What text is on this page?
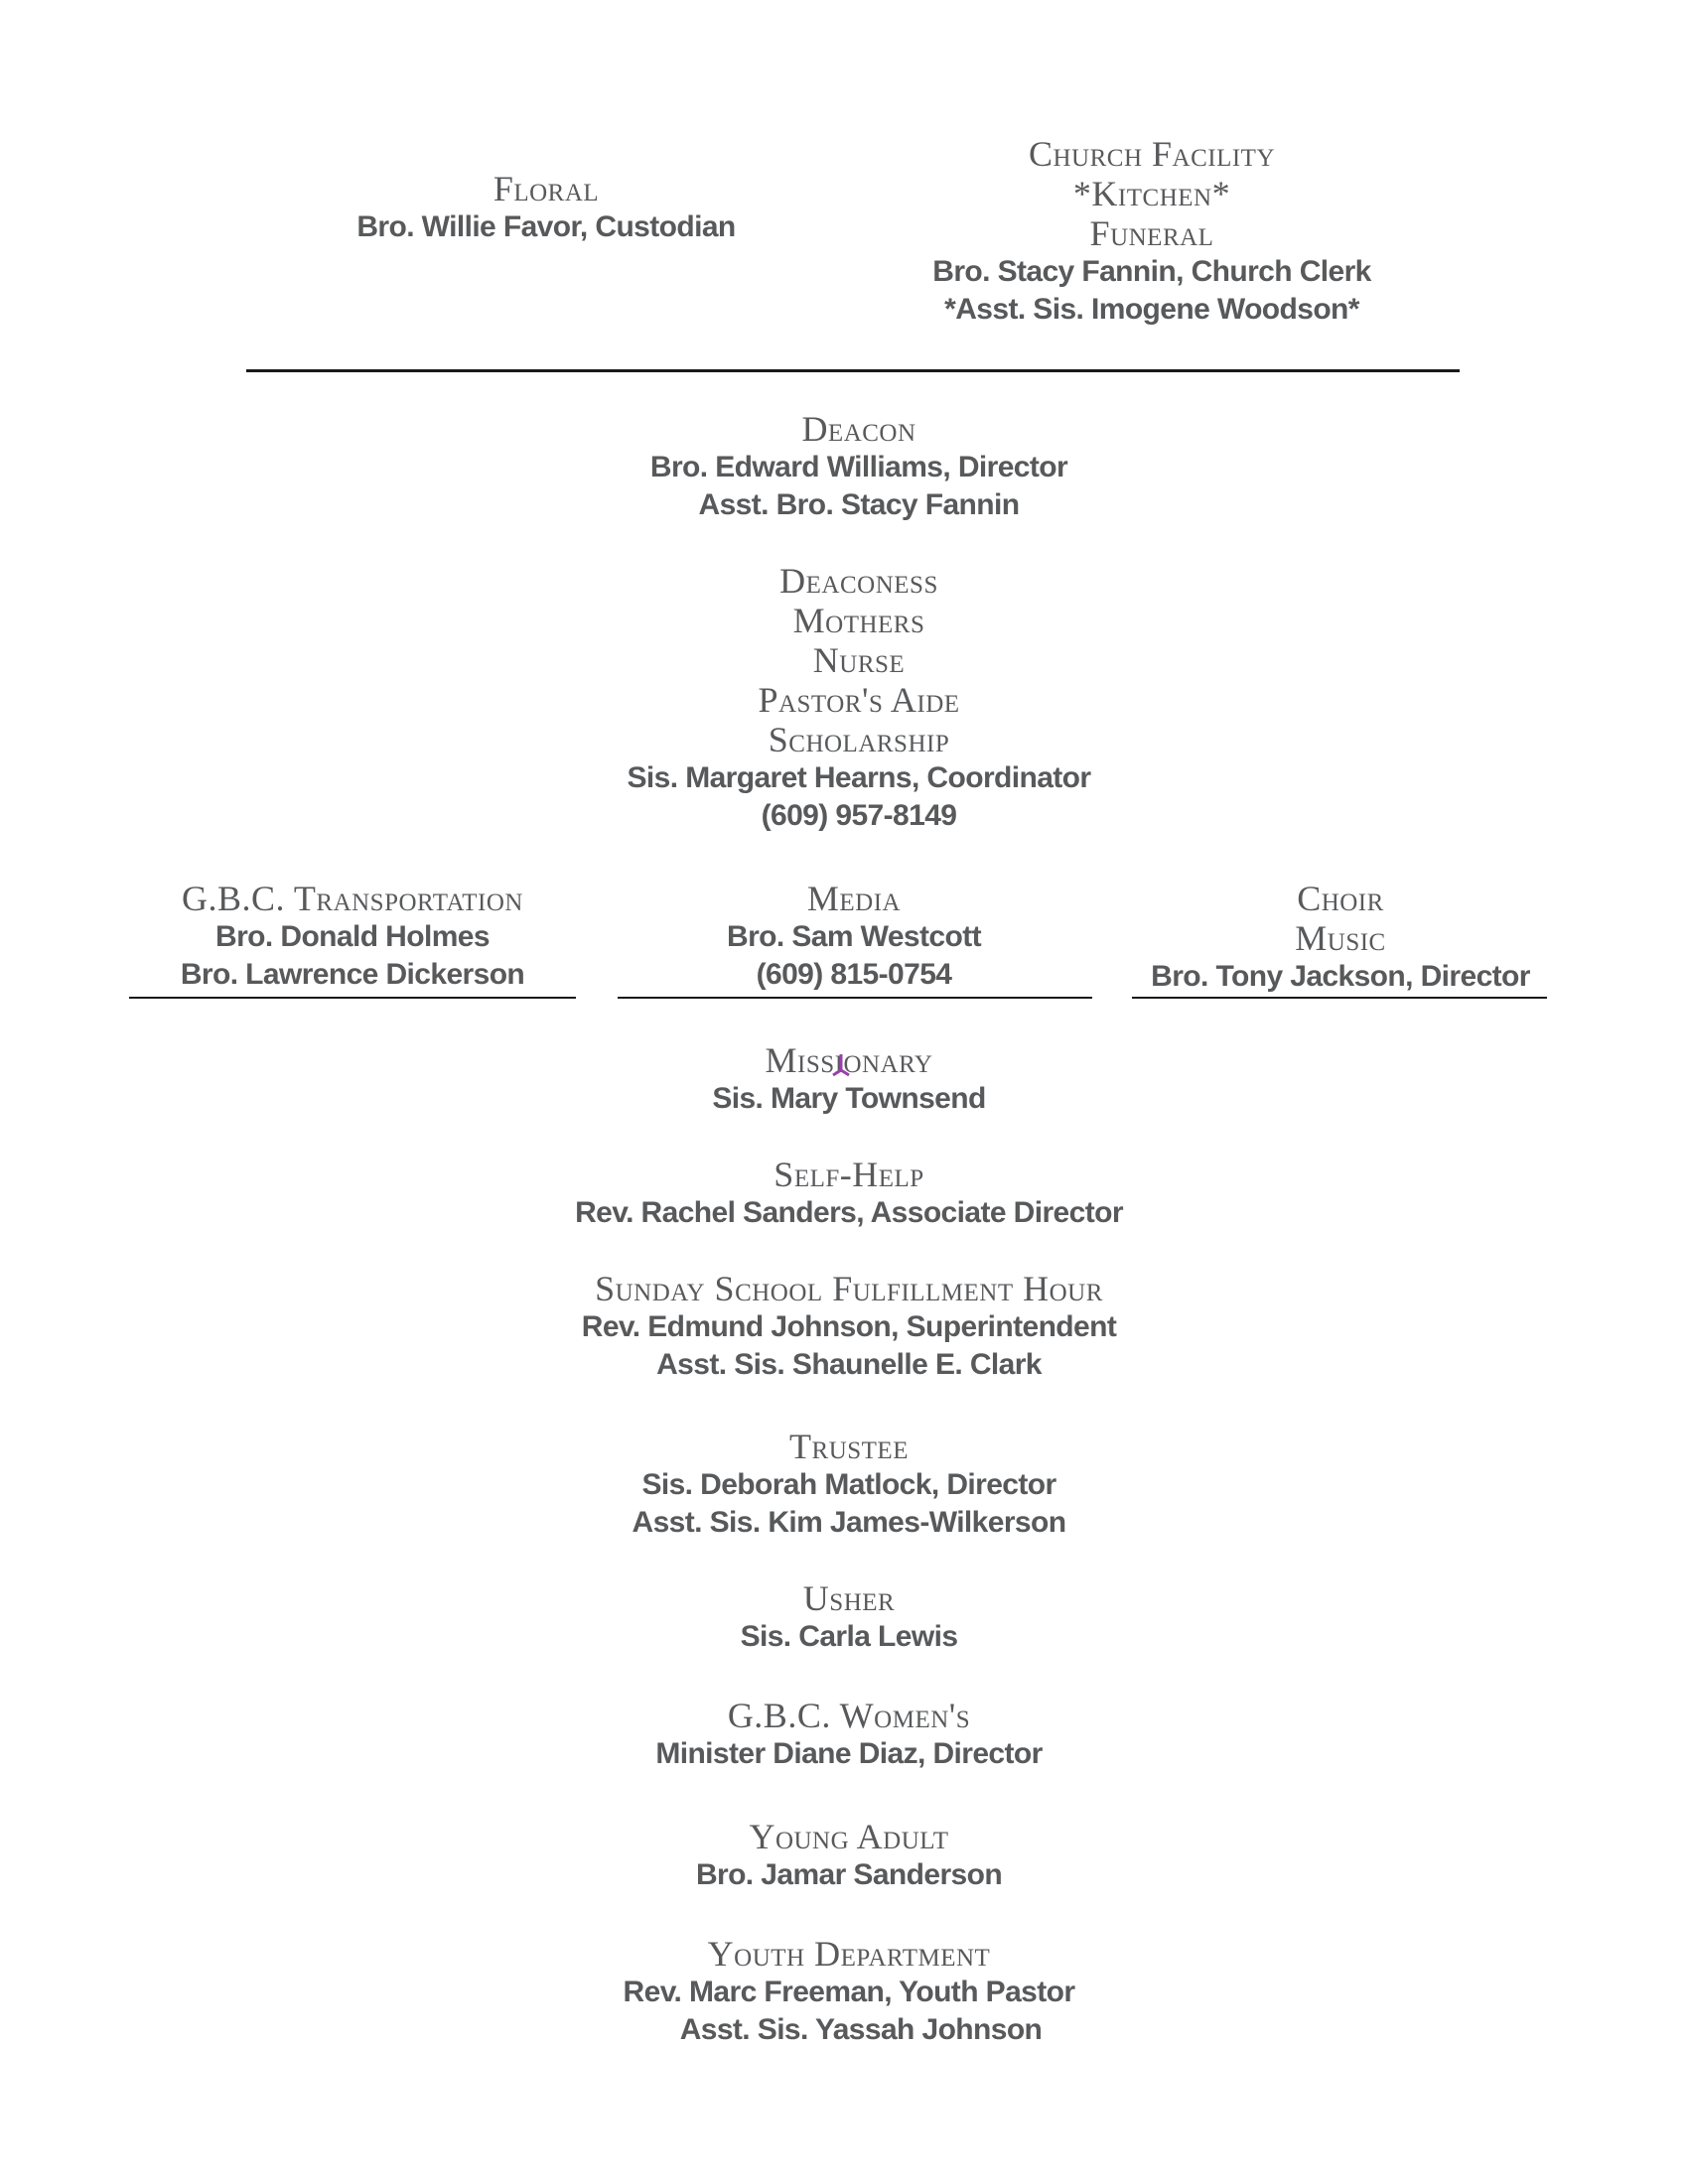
Floral
Bro. Willie Favor, Custodian
Church Facility
*Kitchen*
Funeral
Bro. Stacy Fannin, Church Clerk
*Asst. Sis. Imogene Woodson*
Deacon
Bro. Edward Williams, Director
Asst. Bro. Stacy Fannin
Deaconess
Mothers
Nurse
Pastor's Aide
Scholarship
Sis. Margaret Hearns, Coordinator
(609) 957-8149
G.B.C. Transportation
Bro. Donald Holmes
Bro. Lawrence Dickerson
Media
Bro. Sam Westcott
(609) 815-0754
Choir
Music
Bro. Tony Jackson, Director
Missionary
Sis. Mary Townsend
Self-Help
Rev. Rachel Sanders, Associate Director
Sunday School Fulfillment Hour
Rev. Edmund Johnson, Superintendent
Asst. Sis. Shaunelle E. Clark
Trustee
Sis. Deborah Matlock, Director
Asst. Sis. Kim James-Wilkerson
Usher
Sis. Carla Lewis
G.B.C. Women's
Minister Diane Diaz, Director
Young Adult
Bro. Jamar Sanderson
Youth Department
Rev. Marc Freeman, Youth Pastor
Asst. Sis. Yassah Johnson
